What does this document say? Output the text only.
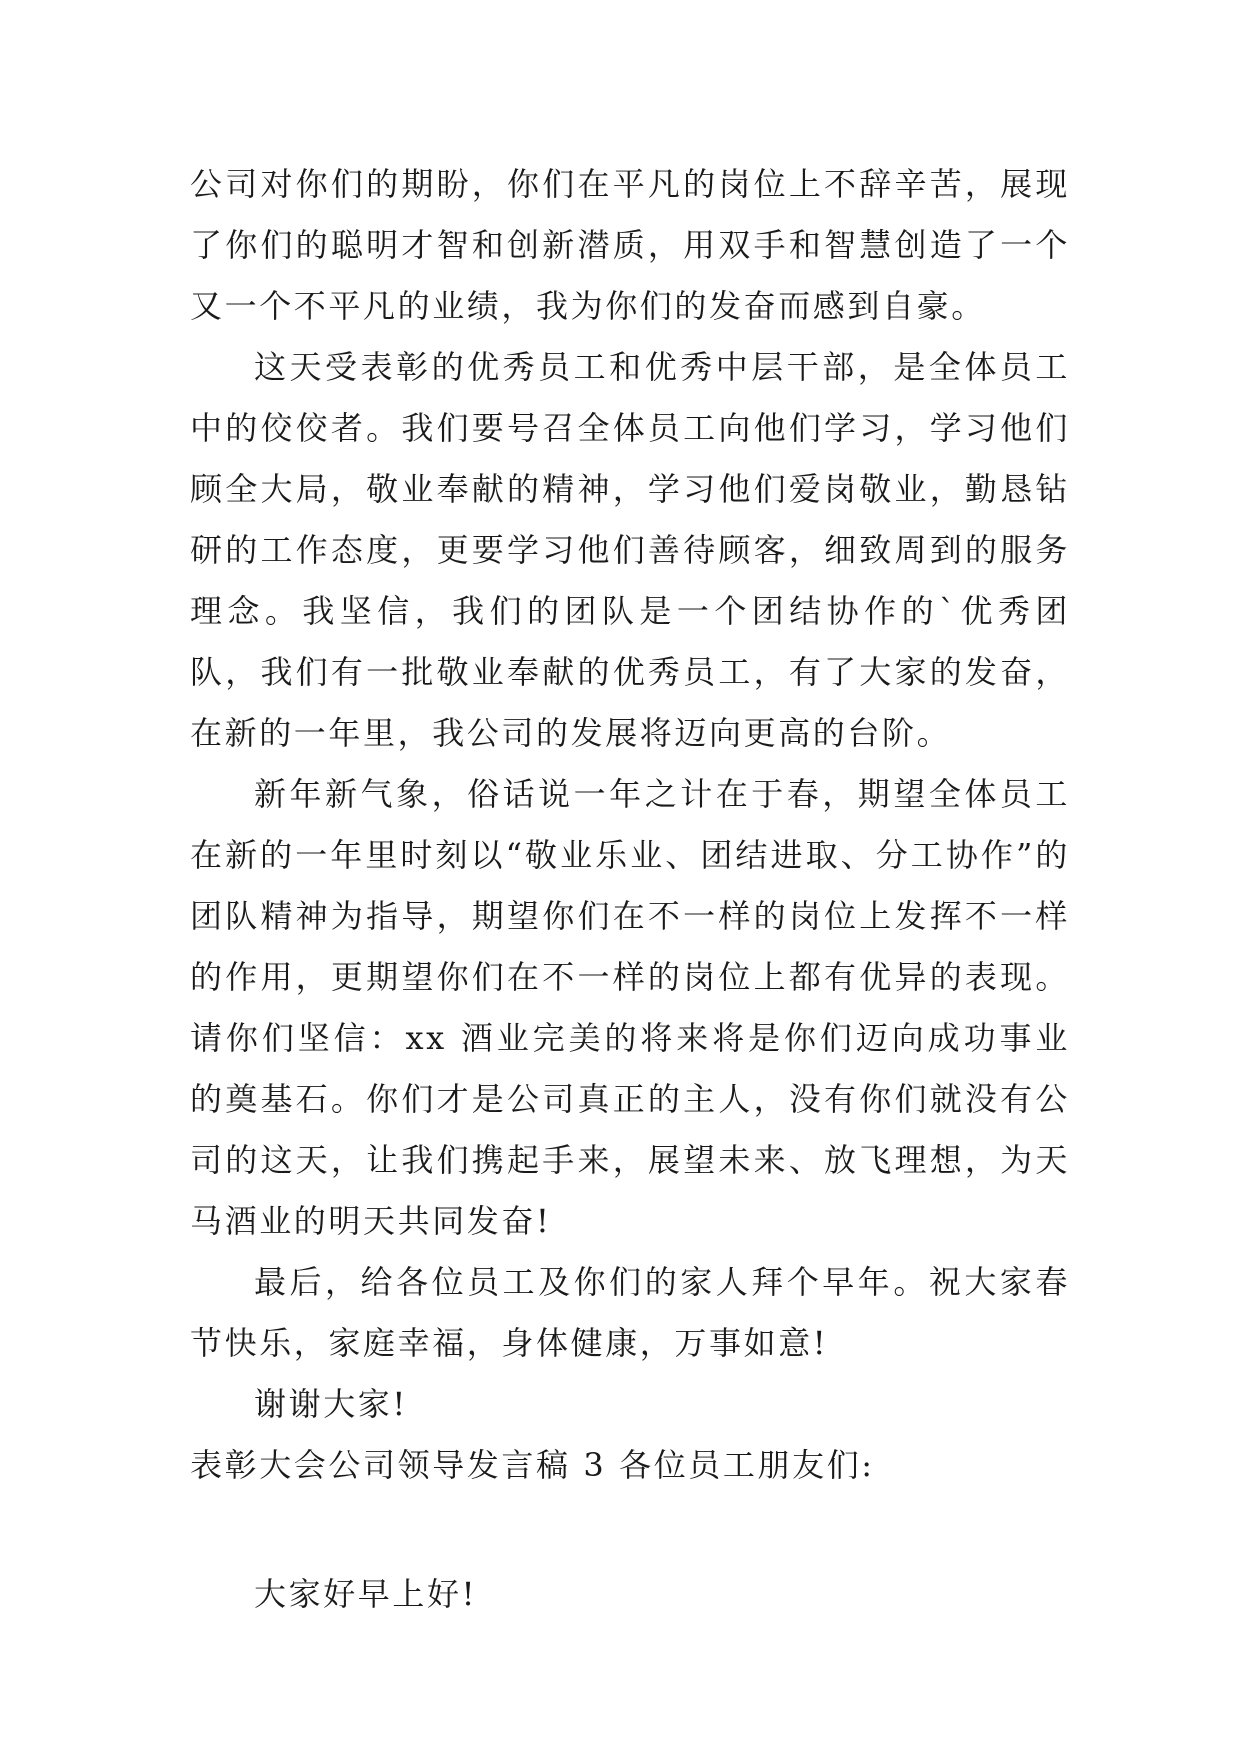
公司对你们的期盼，你们在平凡的岗位上不辞辛苦，展现了你们的聪明才智和创新潜质，用双手和智慧创造了一个又一个不平凡的业绩，我为你们的发奋而感到自豪。

这天受表彰的优秀员工和优秀中层干部，是全体员工中的佼佼者。我们要号召全体员工向他们学习，学习他们顾全大局，敬业奉献的精神，学习他们爱岗敬业，勤恳钻研的工作态度，更要学习他们善待顾客，细致周到的服务理念。我坚信，我们的团队是一个团结协作的`优秀团队，我们有一批敬业奉献的优秀员工，有了大家的发奋，在新的一年里，我公司的发展将迈向更高的台阶。

新年新气象，俗话说一年之计在于春，期望全体员工在新的一年里时刻以“敬业乐业、团结进取、分工协作”的团队精神为指导，期望你们在不一样的岗位上发挥不一样的作用，更期望你们在不一样的岗位上都有优异的表现。请你们坚信：xx 酒业完美的将来将是你们迈向成功事业的奠基石。你们才是公司真正的主人，没有你们就没有公司的这天，让我们携起手来，展望未来、放飞理想，为天马酒业的明天共同发奋!

最后，给各位员工及你们的家人拜个早年。祝大家春节快乐，家庭幸福，身体健康，万事如意!

谢谢大家!

表彰大会公司领导发言稿 3 各位员工朋友们:

大家好早上好!
